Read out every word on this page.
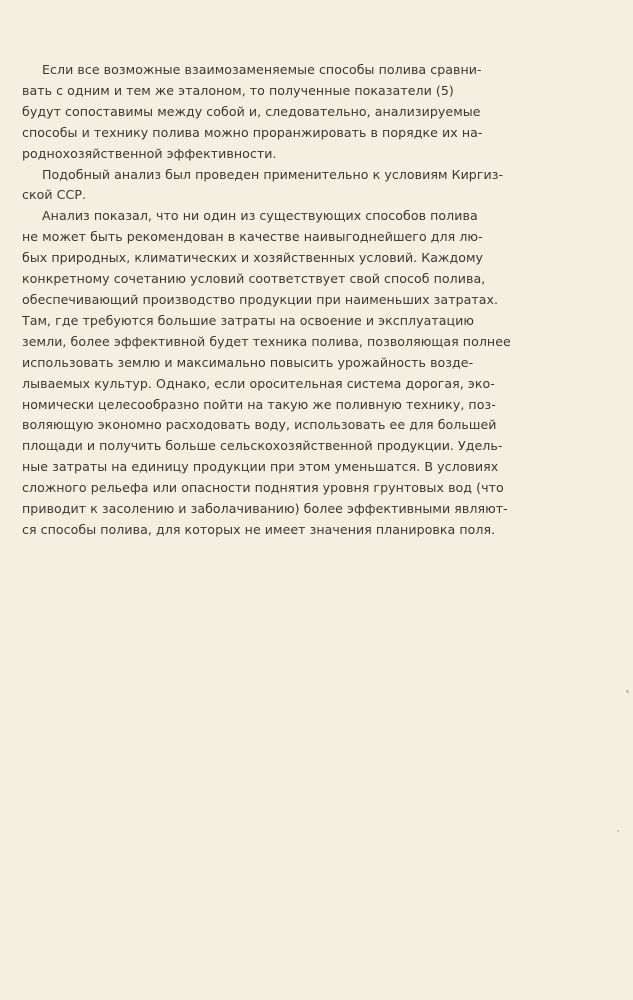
Если все возможные взаимозаменяемые способы полива сравни-
вать с одним и тем же эталоном, то полученные показатели (5)
будут сопоставимы между собой и, следовательно, анализируемые
способы и технику полива можно проранжировать в порядке их на-
роднохозяйственной эффективности.

Подобный анализ был проведен применительно к условиям Киргиз-
ской ССР.

Анализ показал, что ни один из существующих способов полива
не может быть рекомендован в качестве наивыгоднейшего для лю-
бых природных, климатических и хозяйственных условий. Каждому
конкретному сочетанию условий соответствует свой способ полива,
обеспечивающий производство продукции при наименьших затратах.
Там, где требуются большие затраты на освоение и эксплуатацию
земли, более эффективной будет техника полива, позволяющая полнее
использовать землю и максимально повысить урожайность возде-
лываемых культур. Однако, если оросительная система дорогая, эко-
номически целесообразно пойти на такую же поливную технику, поз-
воляющую экономно расходовать воду, использовать ее для большей
площади и получить больше сельскохозяйственной продукции. Удель-
ные затраты на единицу продукции при этом уменьшатся. В условиях
сложного рельефа или опасности поднятия уровня грунтовых вод (что
приводит к засолению и заболачиванию) более эффективными являют-
ся способы полива, для которых не имеет значения планировка поля.
